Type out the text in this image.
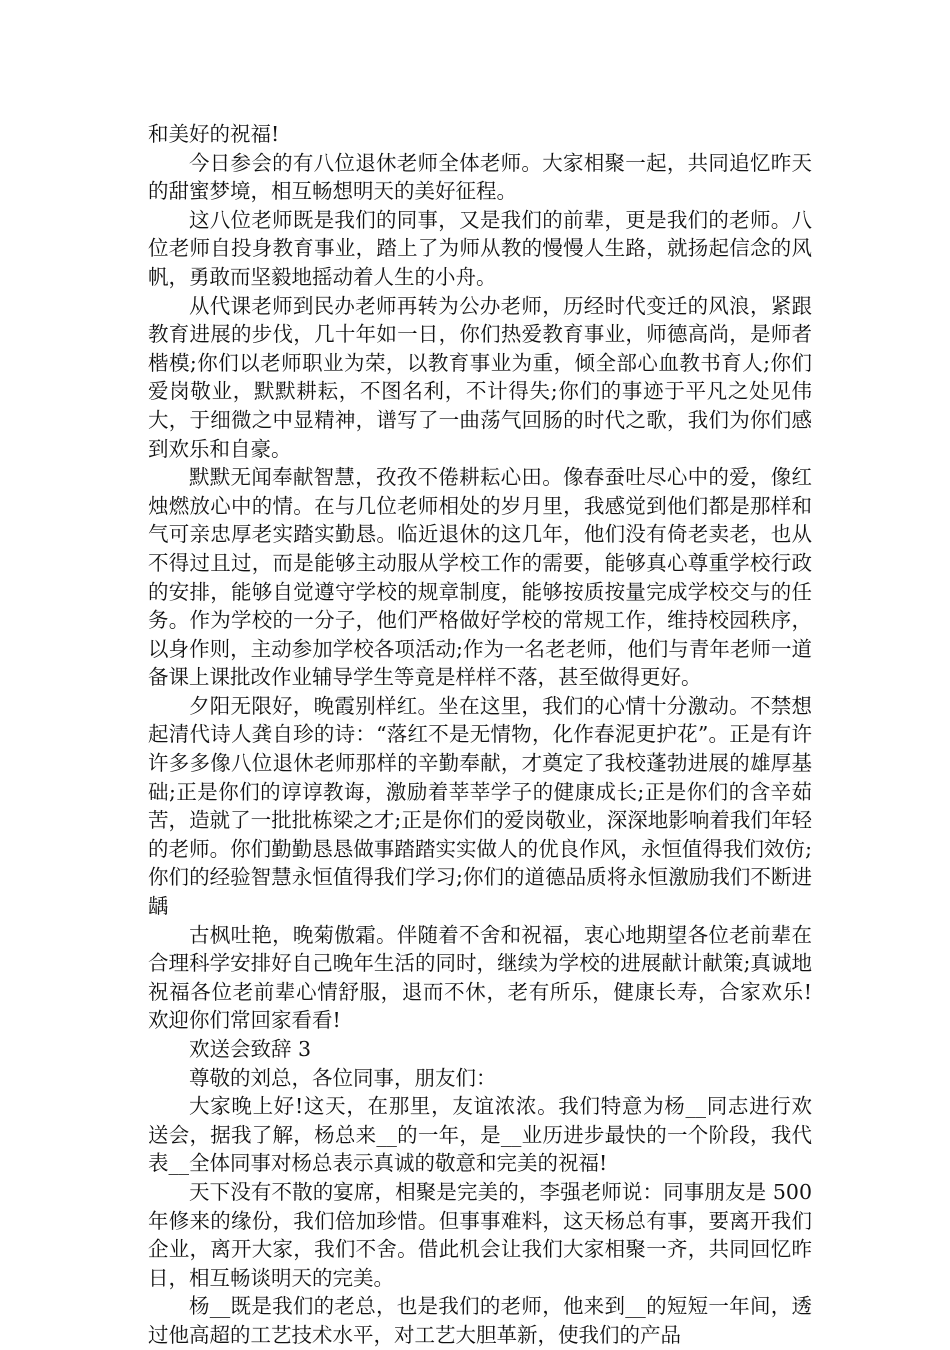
和美好的祝福!

今日参会的有八位退休老师全体老师。大家相聚一起，共同追忆昨天的甜蜜梦境，相互畅想明天的美好征程。

这八位老师既是我们的同事，又是我们的前辈，更是我们的老师。八位老师自投身教育事业，踏上了为师从教的慢慢人生路，就扬起信念的风帆，勇敢而坚毅地摇动着人生的小舟。

从代课老师到民办老师再转为公办老师，历经时代变迁的风浪，紧跟教育进展的步伐，几十年如一日，你们热爱教育事业，师德高尚，是师者楷模;你们以老师职业为荣，以教育事业为重，倾全部心血教书育人;你们爱岗敬业，默默耕耘，不图名利，不计得失;你们的事迹于平凡之处见伟大，于细微之中显精神，谱写了一曲荡气回肠的时代之歌，我们为你们感到欢乐和自豪。

默默无闻奉献智慧，孜孜不倦耕耘心田。像春蚕吐尽心中的爱，像红烛燃放心中的情。在与几位老师相处的岁月里，我感觉到他们都是那样和气可亲忠厚老实踏实勤恳。临近退休的这几年，他们没有倚老卖老，也从不得过且过，而是能够主动服从学校工作的需要，能够真心尊重学校行政的安排，能够自觉遵守学校的规章制度，能够按质按量完成学校交与的任务。作为学校的一分子，他们严格做好学校的常规工作，维持校园秩序，以身作则，主动参加学校各项活动;作为一名老老师，他们与青年老师一道备课上课批改作业辅导学生等竟是样样不落，甚至做得更好。

夕阳无限好，晚霞别样红。坐在这里，我们的心情十分激动。不禁想起清代诗人龚自珍的诗：“落红不是无情物，化作春泥更护花”。正是有许许多多像八位退休老师那样的辛勤奉献，才奠定了我校蓬勃进展的雄厚基础;正是你们的谆谆教诲，激励着莘莘学子的健康成长;正是你们的含辛茹苦，造就了一批批栋梁之才;正是你们的爱岗敬业，深深地影响着我们年轻的老师。你们勤勤恳恳做事踏踏实实做人的优良作风，永恒值得我们效仿;你们的经验智慧永恒值得我们学习;你们的道德品质将永恒激励我们不断进龋

古枫吐艳，晚菊傲霜。伴随着不舍和祝福，衷心地期望各位老前辈在合理科学安排好自己晚年生活的同时，继续为学校的进展献计献策;真诚地祝福各位老前辈心情舒服，退而不休，老有所乐，健康长寿，合家欢乐!欢迎你们常回家看看!

欢送会致辞 3

尊敬的刘总，各位同事，朋友们：

大家晚上好!这天，在那里，友谊浓浓。我们特意为杨__同志进行欢送会，据我了解，杨总来__的一年，是__业历进步最快的一个阶段，我代表__全体同事对杨总表示真诚的敬意和完美的祝福!

天下没有不散的宴席，相聚是完美的，李强老师说：同事朋友是 500 年修来的缘份，我们倍加珍惜。但事事难料，这天杨总有事，要离开我们企业，离开大家，我们不舍。借此机会让我们大家相聚一齐，共同回忆昨日，相互畅谈明天的完美。

杨__既是我们的老总，也是我们的老师，他来到__的短短一年间，透过他高超的工艺技术水平，对工艺大胆革新，使我们的产品
